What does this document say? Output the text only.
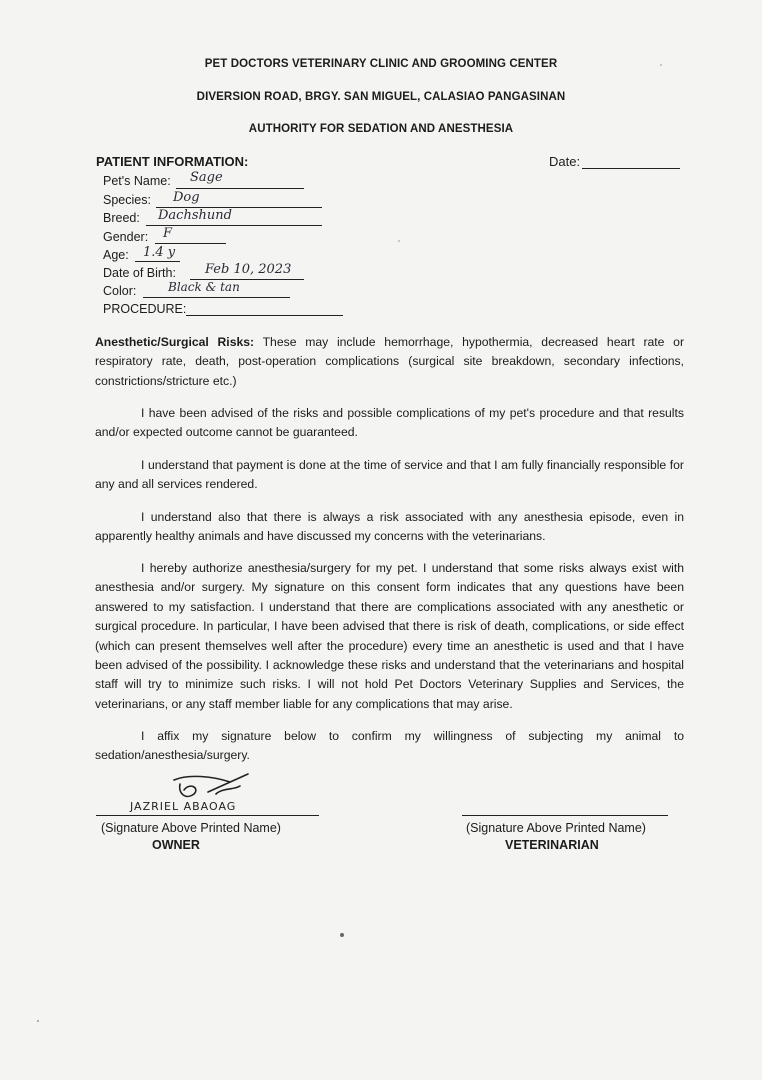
PET DOCTORS VETERINARY CLINIC AND GROOMING CENTER
DIVERSION ROAD, BRGY. SAN MIGUEL, CALASIAO PANGASINAN
AUTHORITY FOR SEDATION AND ANESTHESIA
PATIENT INFORMATION:	Date:
Pet's Name: Sage
Species: Dog
Breed: Dachshund
Gender: F
Age: 1.4 y
Date of Birth: Feb 10, 2023
Color:	Black & tan
PROCEDURE:

Anesthetic/Surgical Risks: These may include hemorrhage, hypothermia, decreased heart rate or respiratory rate, death, post-operation complications (surgical site breakdown, secondary infections, constrictions/stricture etc.)

I have been advised of the risks and possible complications of my pet's procedure and that results and/or expected outcome cannot be guaranteed.

I understand that payment is done at the time of service and that I am fully financially responsible for any and all services rendered.

I understand also that there is always a risk associated with any anesthesia episode, even in apparently healthy animals and have discussed my concerns with the veterinarians.

I hereby authorize anesthesia/surgery for my pet. I understand that some risks always exist with anesthesia and/or surgery. My signature on this consent form indicates that any questions have been answered to my satisfaction. I understand that there are complications associated with any anesthetic or surgical procedure. In particular, I have been advised that there is risk of death, complications, or side effect (which can present themselves well after the procedure) every time an anesthetic is used and that I have been advised of the possibility. I acknowledge these risks and understand that the veterinarians and hospital staff will try to minimize such risks. I will not hold Pet Doctors Veterinary Supplies and Services, the veterinarians, or any staff member liable for any complications that may arise.

I affix my signature below to confirm my willingness of subjecting my animal to sedation/anesthesia/surgery.

JAZRIEL ABAOAG
(Signature Above Printed Name)
OWNER
(Signature Above Printed Name)
VETERINARIAN
